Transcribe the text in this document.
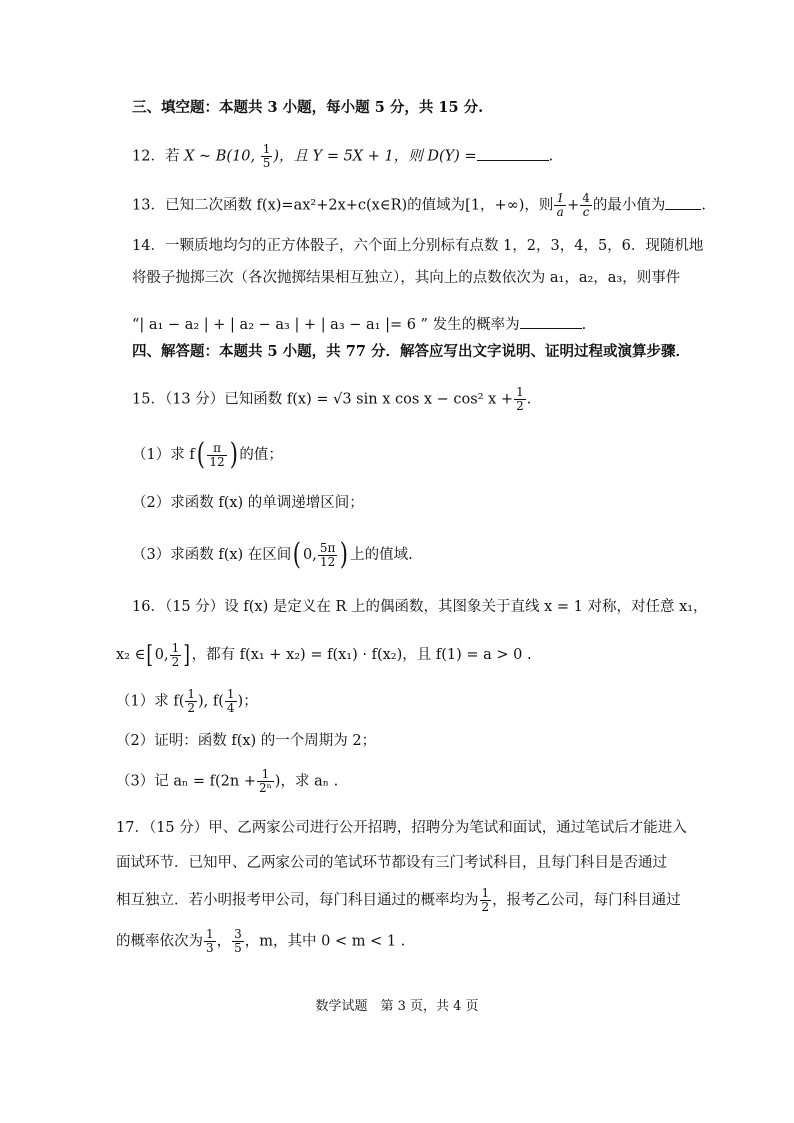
三、填空题：本题共 3 小题，每小题 5 分，共 15 分.
12．若 X ~ B(10, $\frac{1}{5}$ )，且 Y = 5X + 1，则 D(Y) =	.
13．已知二次函数 f(x)=ax²+2x+c(x∈R)的值域为[1，+∞)，则 $\frac{1}{a} + \frac{4}{c}$ 的最小值为 .
14．一颗质地均匀的正方体骰子，六个面上分别标有点数 1，2，3，4，5，6．现随机地
将骰子抛掷三次（各次抛掷结果相互独立），其向上的点数依次为 a₁，a₂，a₃，则事件
“| a₁ − a₂ | + | a₂ − a₃ | + | a₃ − a₁ |= 6 ” 发生的概率为	.
四、解答题：本题共 5 小题，共 77 分．解答应写出文字说明、证明过程或演算步骤．
15．（13 分）已知函数 f(x) = √3 sin x cos x − cos² $x + \frac{1}{2}$ .
（1）求 $f( \frac{\pi}{12}$ ) 的值；
（2）求函数 f(x) 的单调递增区间；
（3）求函数 f(x) 在区间( 0, $\frac{5\pi}{12}$ ) 上的值域.
16．（15 分）设 f(x) 是定义在 R 上的偶函数，其图象关于直线 x = 1 对称，对任意 x₁，
x₂ ∈[0, $\frac{1}{2}$ ]，都有 f(x₁ + x₂) = f(x₁) · f(x₂)，且 f(1) = a > 0 .
（1）求 $f( \frac{1}{2}$ ), $f( \frac{1}{4}$ )；
（2）证明：函数 f(x) 的一个周期为 2；
（3）记 $a_n = f(2n + \frac{1}{\text{2ⁿ}}$ )，求 aₙ .
17．（15 分）甲、乙两家公司进行公开招聘，招聘分为笔试和面试，通过笔试后才能进入
面试环节．已知甲、乙两家公司的笔试环节都设有三门考试科目，且每门科目是否通过
相互独立．若小明报考甲公司，每门科目通过的概率均为 $\frac{1}{2}$ ，报考乙公司，每门科目通过
的概率依次为 $\frac{1}{3}$ ， $\frac{3}{5}$ ，m，其中 0 < m < 1 .
数学试题　第 3 页，共 4 页
